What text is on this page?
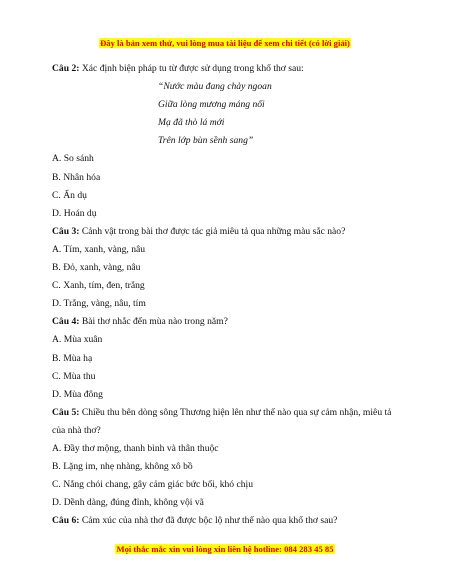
Đây là bản xem thử, vui lòng mua tài liệu để xem chi tiết (có lời giải)

Câu 2: Xác định biện pháp tu từ được sử dụng trong khổ thơ sau:

“Nước màu đang chảy ngoan

Giữa lòng mương máng nối

Mạ đã thò lá mới

Trên lớp bùn sềnh sang”

A. So sánh

B. Nhân hóa

C. Ẩn dụ

D. Hoán dụ

Câu 3: Cảnh vật trong bài thơ được tác giả miêu tả qua những màu sắc nào?

A. Tím, xanh, vàng, nâu

B. Đỏ, xanh, vàng, nâu

C. Xanh, tím, đen, trắng

D. Trắng, vàng, nâu, tím

Câu 4: Bài thơ nhắc đến mùa nào trong năm?

A. Mùa xuân

B. Mùa hạ

C. Mùa thu

D. Mùa đông

Câu 5: Chiều thu bên dòng sông Thương hiện lên như thế nào qua sự cảm nhận, miêu tả của nhà thơ?

A. Đầy thơ mộng, thanh bình và thân thuộc

B. Lặng im, nhẹ nhàng, không xô bồ

C. Nắng chói chang, gây cảm giác bức bối, khó chịu

D. Dềnh dàng, đúng đỉnh, không vội vã

Câu 6: Cảm xúc của nhà thơ đã được bộc lộ như thế nào qua khổ thơ sau?

Mọi thắc mắc xin vui lòng xin liên hệ hotline: 084 283 45 85
